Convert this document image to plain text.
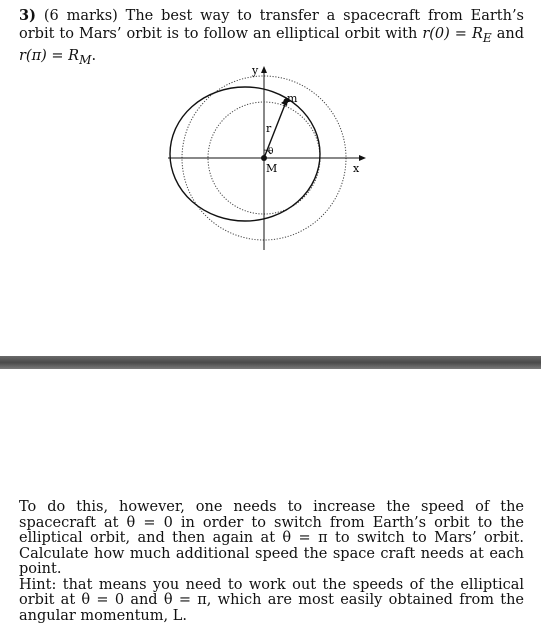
3) (6 marks) The best way to transfer a spacecraft from Earth’s orbit to Mars’ orbit is to follow an elliptical orbit with $r(0) = R_E$ and $r(\pi) = R_M$.
y
x
m
r
θ
M

To do this, however, one needs to increase the speed of the spacecraft at θ = 0 in order to switch from Earth’s orbit to the elliptical orbit, and then again at θ = π to switch to Mars’ orbit. Calculate how much additional speed the space craft needs at each point.

Hint: that means you need to work out the speeds of the elliptical orbit at θ = 0 and θ = π, which are most easily obtained from the angular momentum, L.
